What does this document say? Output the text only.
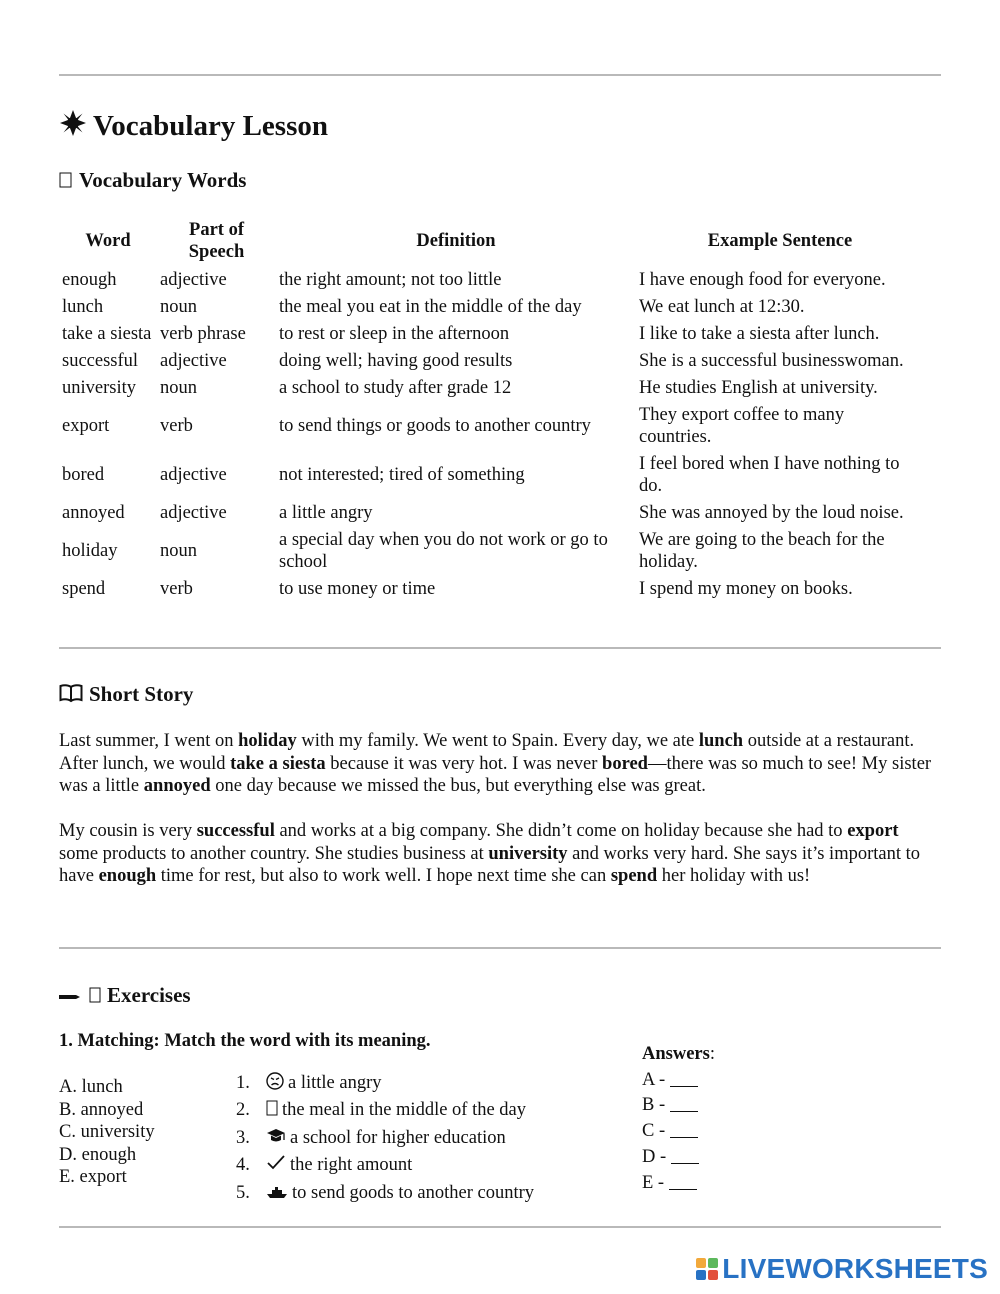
Vocabulary Lesson
Vocabulary Words
Word	Part of Speech	Definition	Example Sentence
enough	adjective	the right amount; not too little	I have enough food for everyone.
lunch	noun	the meal you eat in the middle of the day	We eat lunch at 12:30.
take a siesta	verb phrase	to rest or sleep in the afternoon	I like to take a siesta after lunch.
successful	adjective	doing well; having good results	She is a successful businesswoman.
university	noun	a school to study after grade 12	He studies English at university.
export	verb	to send things or goods to another country	They export coffee to many countries.
bored	adjective	not interested; tired of something	I feel bored when I have nothing to do.
annoyed	adjective	a little angry	She was annoyed by the loud noise.
holiday	noun	a special day when you do not work or go to school	We are going to the beach for the holiday.
spend	verb	to use money or time	I spend my money on books.
Short Story

Last summer, I went on holiday with my family. We went to Spain. Every day, we ate lunch outside at a restaurant. After lunch, we would take a siesta because it was very hot. I was never bored—there was so much to see! My sister was a little annoyed one day because we missed the bus, but everything else was great.

My cousin is very successful and works at a big company. She didn’t come on holiday because she had to export some products to another country. She studies business at university and works very hard. She says it’s important to have enough time for rest, but also to work well. I hope next time she can spend her holiday with us!

Exercises

1. Matching: Match the word with its meaning.

A. lunch
B. annoyed
C. university
D. enough
E. export
1. a little angry
2. the meal in the middle of the day
3. a school for higher education
4. the right amount
5. to send goods to another country
Answers:
A -
B -
C -
D -
E -
LIVEWORKSHEETS
